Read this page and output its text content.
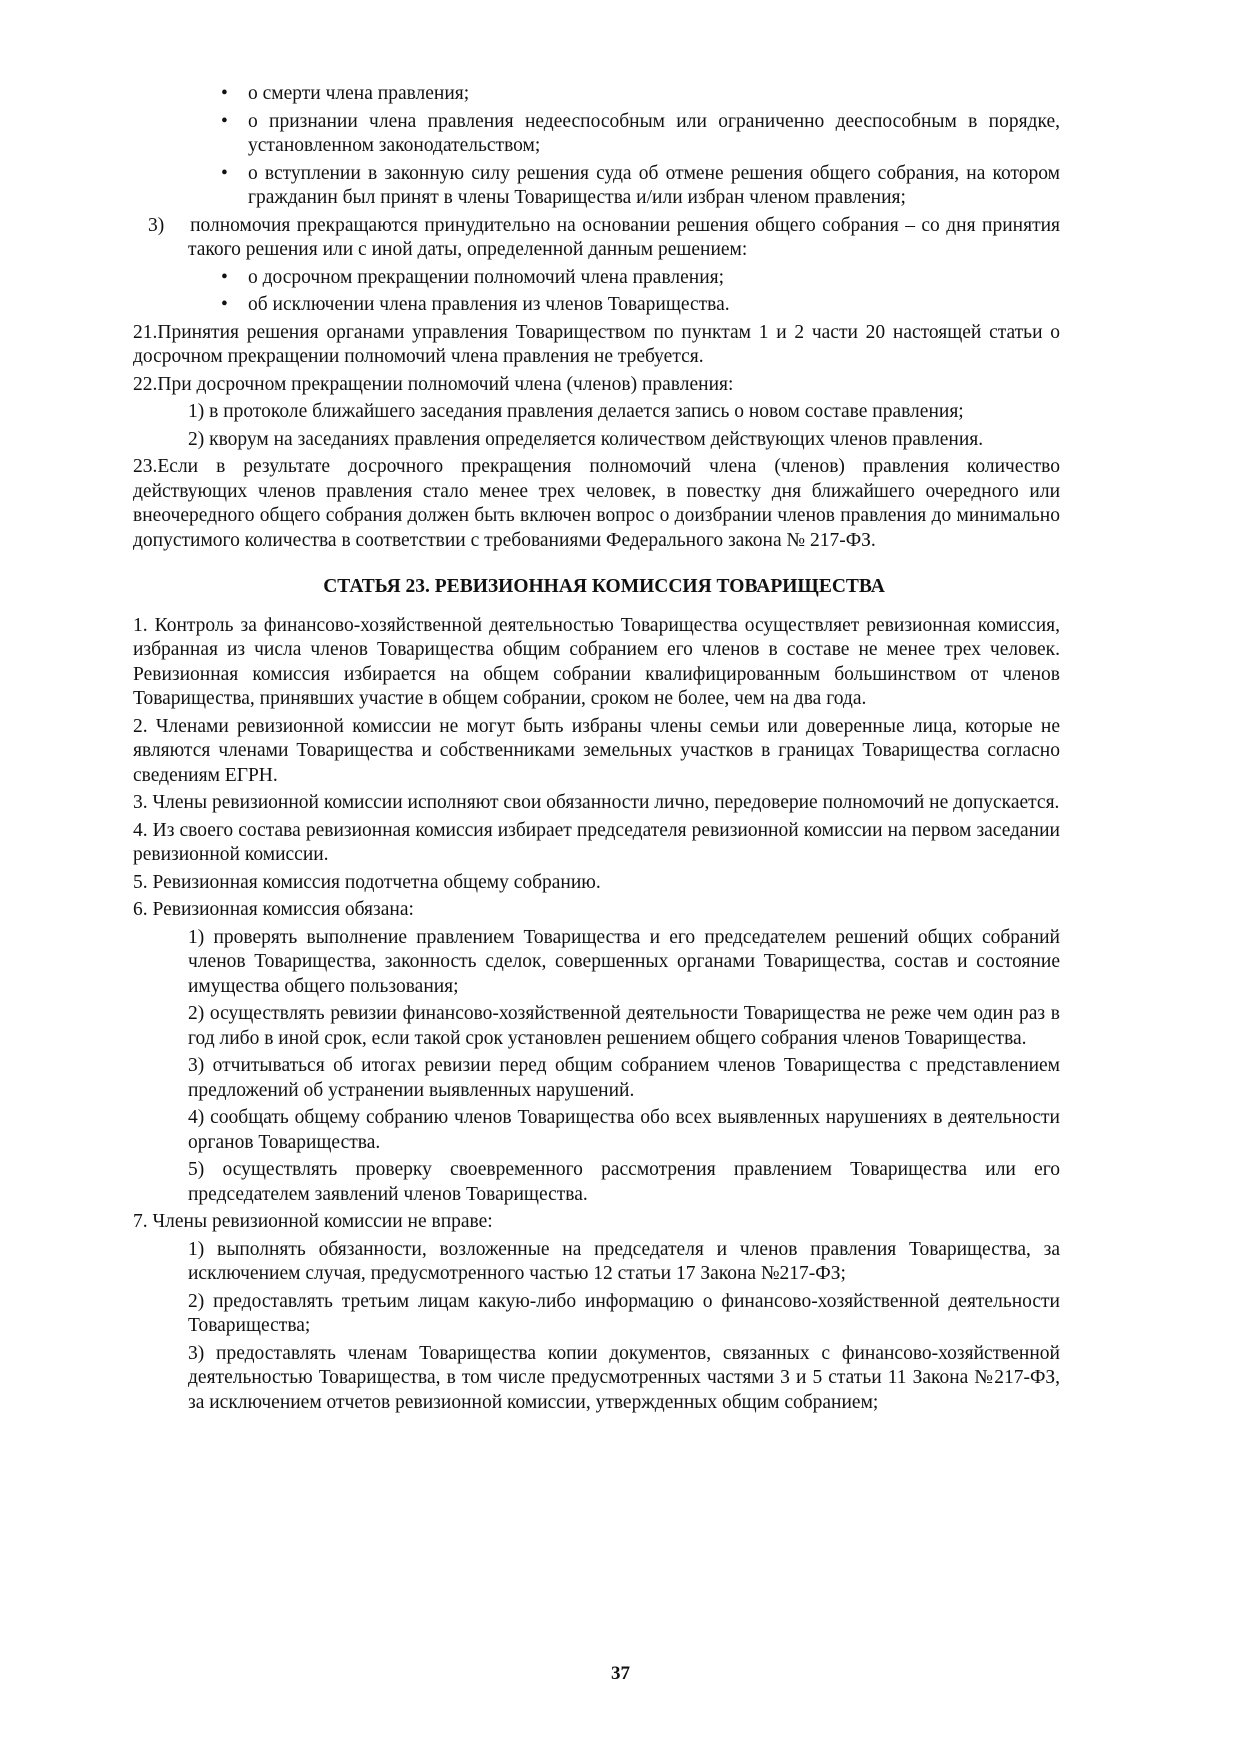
• о смерти члена правления;

• о признании члена правления недееспособным или ограниченно дееспособным в порядке, установленном законодательством;

• о вступлении в законную силу решения суда об отмене решения общего собрания, на котором гражданин был принят в члены Товарищества и/или избран членом правления;

3)    полномочия прекращаются принудительно на основании решения общего собрания – со дня принятия такого решения или с иной даты, определенной данным решением:

• о досрочном прекращении полномочий члена правления;

• об исключении члена правления из членов Товарищества.

21.Принятия решения органами управления Товариществом по пунктам 1 и 2 части 20 настоящей статьи о досрочном прекращении полномочий члена правления не требуется.

22.При досрочном прекращении полномочий члена (членов) правления:

1) в протоколе ближайшего заседания правления делается запись о новом составе правления;

2) кворум на заседаниях правления определяется количеством действующих членов правления.

23.Если в результате досрочного прекращения полномочий члена (членов) правления количество действующих членов правления стало менее трех человек, в повестку дня ближайшего очередного или внеочередного общего собрания должен быть включен вопрос о доизбрании членов правления до минимально допустимого количества в соответствии с требованиями Федерального закона № 217-ФЗ.

СТАТЬЯ 23. РЕВИЗИОННАЯ КОМИССИЯ ТОВАРИЩЕСТВА

1. Контроль за финансово-хозяйственной деятельностью Товарищества осуществляет ревизионная комиссия, избранная из числа членов Товарищества общим собранием его членов в составе не менее трех человек. Ревизионная комиссия избирается на общем собрании квалифицированным большинством от членов Товарищества, принявших участие в общем собрании, сроком не более, чем на два года.

2. Членами ревизионной комиссии не могут быть избраны члены семьи или доверенные лица, которые не являются членами Товарищества и собственниками земельных участков в границах Товарищества согласно сведениям ЕГРН.

3. Члены ревизионной комиссии исполняют свои обязанности лично, передоверие полномочий не допускается.

4. Из своего состава ревизионная комиссия избирает председателя ревизионной комиссии на первом заседании ревизионной комиссии.

5. Ревизионная комиссия подотчетна общему собранию.

6. Ревизионная комиссия обязана:

1) проверять выполнение правлением Товарищества и его председателем решений общих собраний членов Товарищества, законность сделок, совершенных органами Товарищества, состав и состояние имущества общего пользования;

2) осуществлять ревизии финансово-хозяйственной деятельности Товарищества не реже чем один раз в год либо в иной срок, если такой срок установлен решением общего собрания членов Товарищества.

3) отчитываться об итогах ревизии перед общим собранием членов Товарищества с представлением предложений об устранении выявленных нарушений.

4) сообщать общему собранию членов Товарищества обо всех выявленных нарушениях в деятельности органов Товарищества.

5) осуществлять проверку своевременного рассмотрения правлением Товарищества или его председателем заявлений членов Товарищества.

7. Члены ревизионной комиссии не вправе:

1) выполнять обязанности, возложенные на председателя и членов правления Товарищества, за исключением случая, предусмотренного частью 12 статьи 17 Закона №217-ФЗ;

2) предоставлять третьим лицам какую-либо информацию о финансово-хозяйственной деятельности Товарищества;

3) предоставлять членам Товарищества копии документов, связанных с финансово-хозяйственной деятельностью Товарищества, в том числе предусмотренных частями 3 и 5 статьи 11 Закона №217-ФЗ, за исключением отчетов ревизионной комиссии, утвержденных общим собранием;

37
